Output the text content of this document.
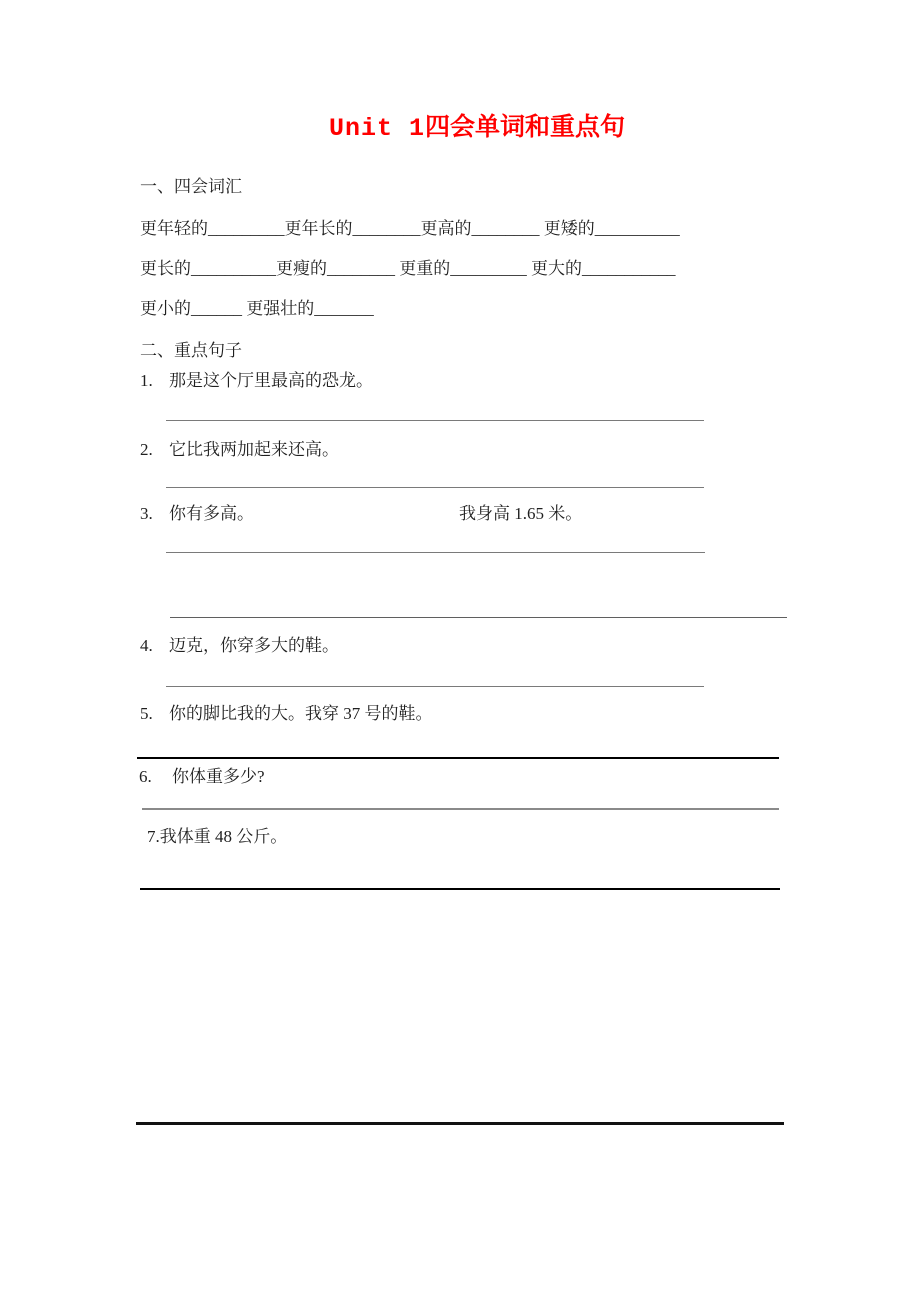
Unit 1四会单词和重点句
一、四会词汇
更年轻的_________更年长的________更高的________ 更矮的__________
更长的__________更瘦的________ 更重的_________ 更大的___________
更小的______ 更强壮的_______
二、重点句子
1. 那是这个厅里最高的恐龙。
2. 它比我两加起来还高。
3. 你有多高。	我身高 1.65 米。
4. 迈克，你穿多大的鞋。
5. 你的脚比我的大。我穿 37 号的鞋。
6.	你体重多少?
7. 我体重 48 公斤。
